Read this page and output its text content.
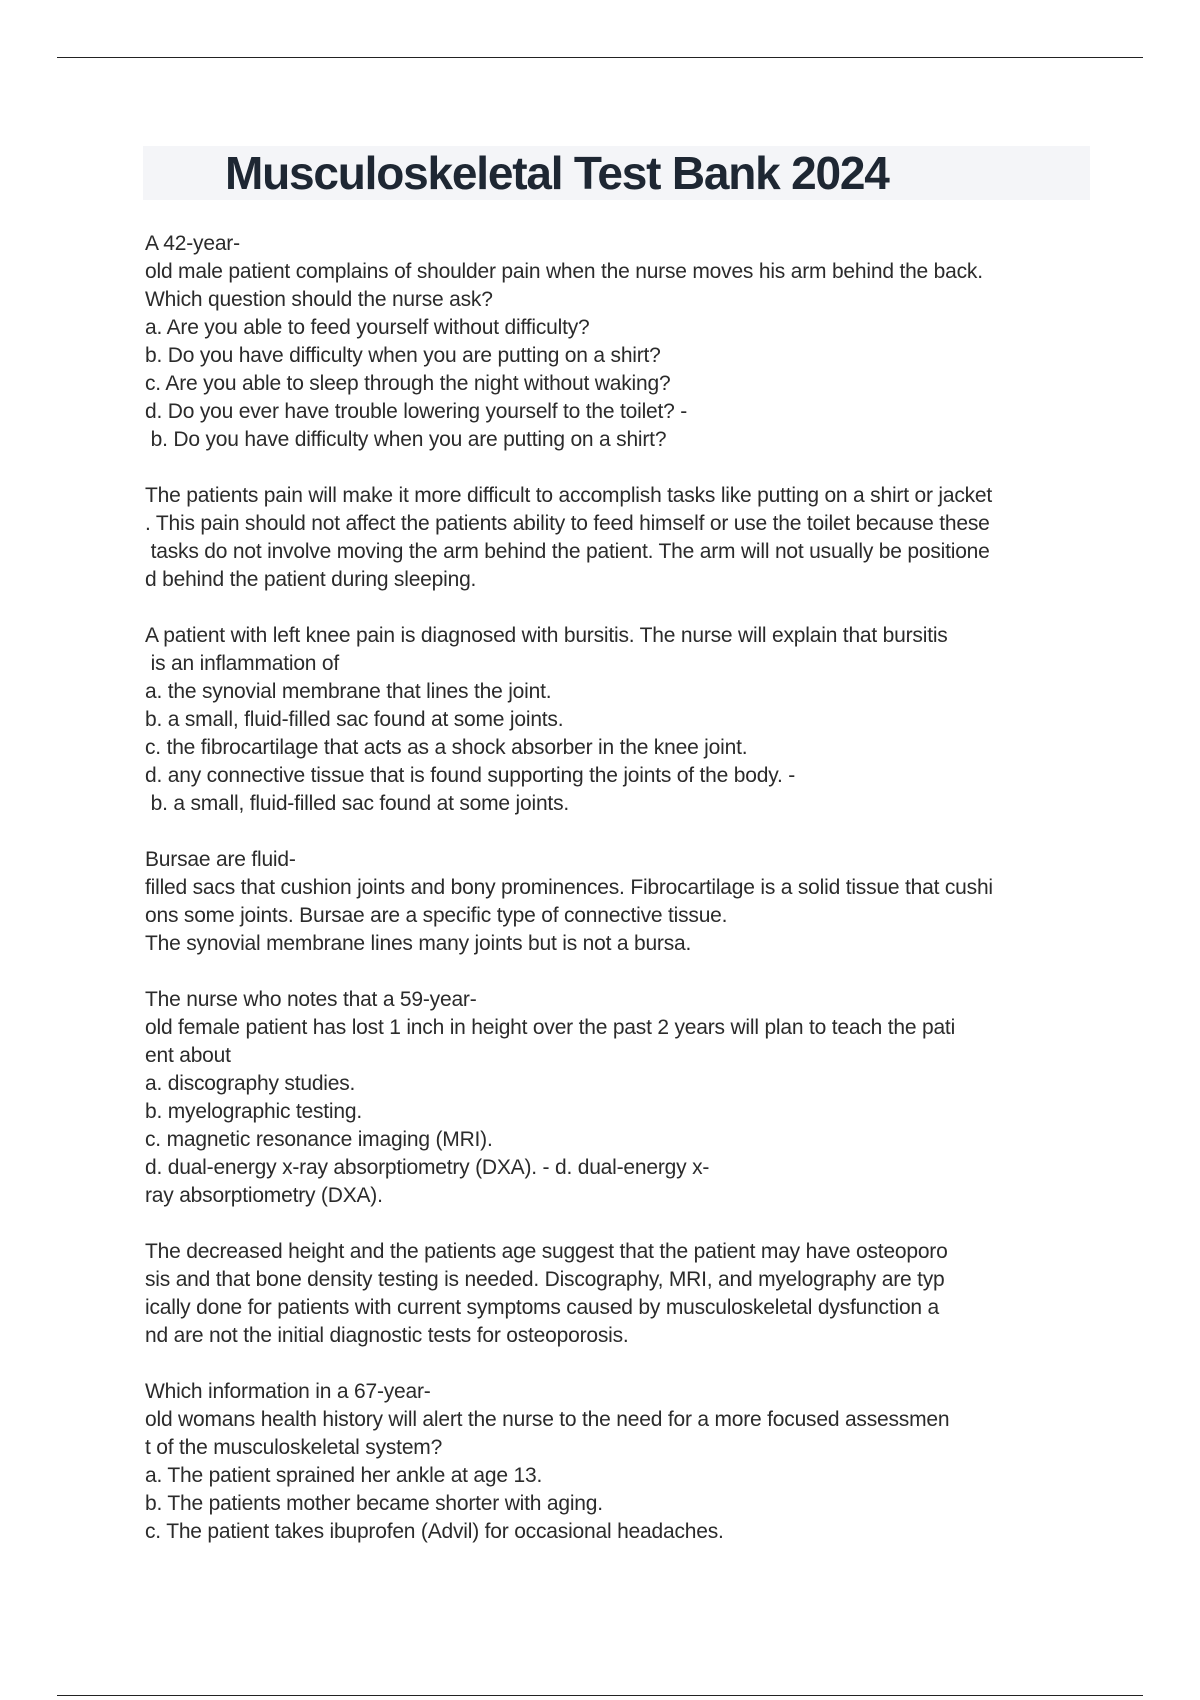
Musculoskeletal Test Bank 2024
A 42-year-
old male patient complains of shoulder pain when the nurse moves his arm behind the back.
Which question should the nurse ask?
a. Are you able to feed yourself without difficulty?
b. Do you have difficulty when you are putting on a shirt?
c. Are you able to sleep through the night without waking?
d. Do you ever have trouble lowering yourself to the toilet? -
b. Do you have difficulty when you are putting on a shirt?
The patients pain will make it more difficult to accomplish tasks like putting on a shirt or jacket
. This pain should not affect the patients ability to feed himself or use the toilet because these
tasks do not involve moving the arm behind the patient. The arm will not usually be positione
d behind the patient during sleeping.
A patient with left knee pain is diagnosed with bursitis. The nurse will explain that bursitis
is an inflammation of
a. the synovial membrane that lines the joint.
b. a small, fluid-filled sac found at some joints.
c. the fibrocartilage that acts as a shock absorber in the knee joint.
d. any connective tissue that is found supporting the joints of the body. -
b. a small, fluid-filled sac found at some joints.
Bursae are fluid-
filled sacs that cushion joints and bony prominences. Fibrocartilage is a solid tissue that cushi
ons some joints. Bursae are a specific type of connective tissue.
The synovial membrane lines many joints but is not a bursa.
The nurse who notes that a 59-year-
old female patient has lost 1 inch in height over the past 2 years will plan to teach the pati
ent about
a. discography studies.
b. myelographic testing.
c. magnetic resonance imaging (MRI).
d. dual-energy x-ray absorptiometry (DXA). - d. dual-energy x-
ray absorptiometry (DXA).
The decreased height and the patients age suggest that the patient may have osteoporo
sis and that bone density testing is needed. Discography, MRI, and myelography are typ
ically done for patients with current symptoms caused by musculoskeletal dysfunction a
nd are not the initial diagnostic tests for osteoporosis.
Which information in a 67-year-
old womans health history will alert the nurse to the need for a more focused assessmen
t of the musculoskeletal system?
a. The patient sprained her ankle at age 13.
b. The patients mother became shorter with aging.
c. The patient takes ibuprofen (Advil) for occasional headaches.
